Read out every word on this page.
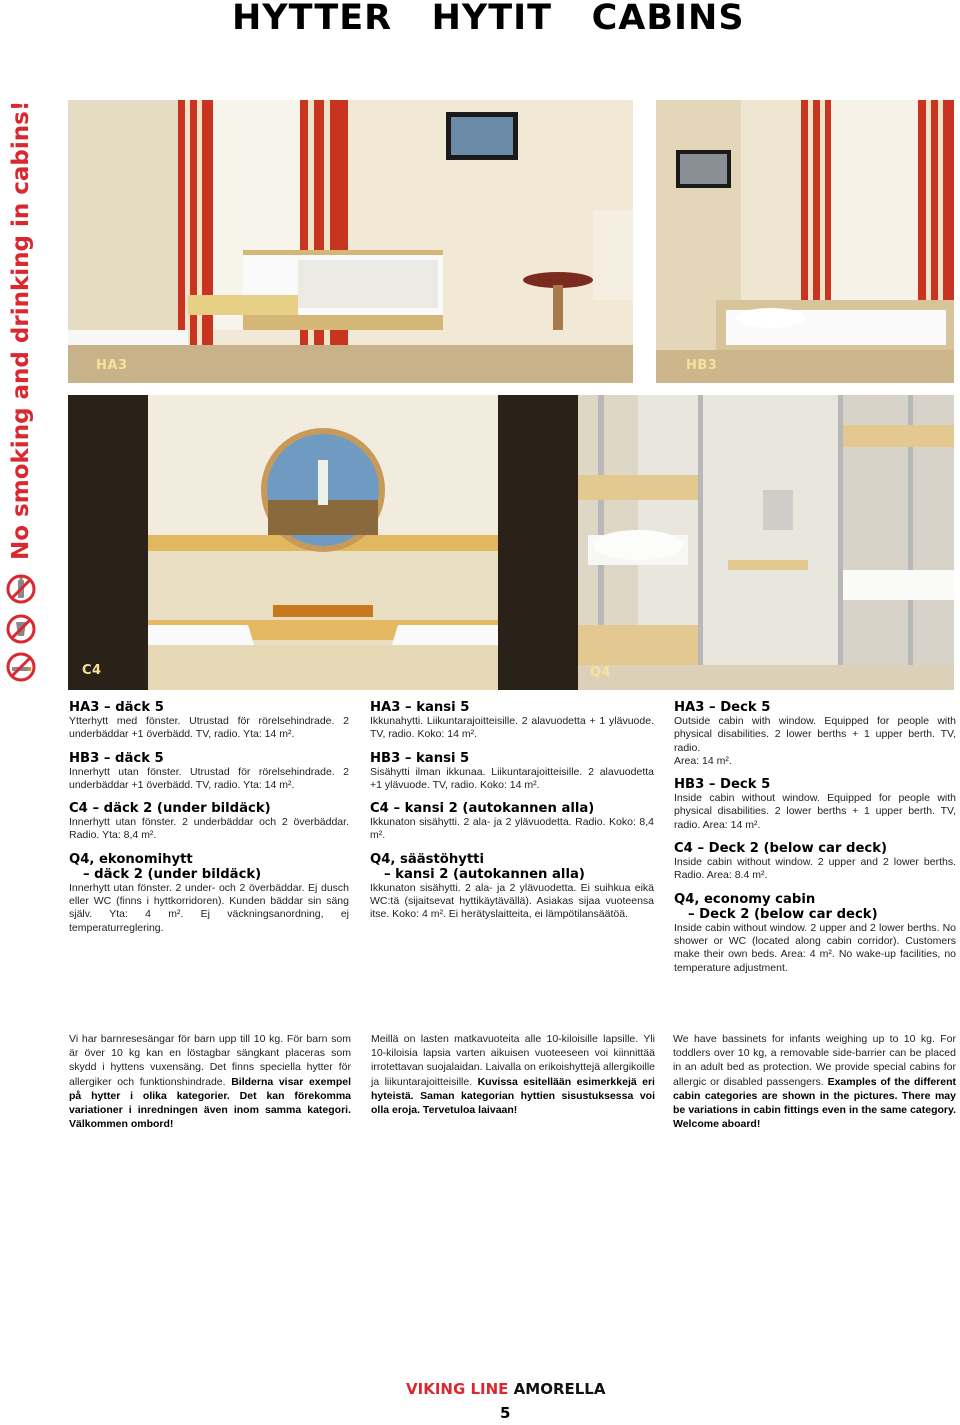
HYTTER   HYTIT   CABINS
No smoking and drinking in cabins!	HA3	HB3
C4	Q4
HA3 – däck 5

Ytterhytt med fönster. Utrustad för rörelsehindrade. 2 underbäddar +1 överbädd. TV, radio. Yta: 14 m².

HB3 – däck 5

Innerhytt utan fönster. Utrustad för rörelsehindrade. 2 underbäddar +1 överbädd. TV, radio. Yta: 14 m².

C4 – däck 2 (under bildäck)

Innerhytt utan fönster. 2 underbäddar och 2 överbäddar. Radio. Yta: 8,4 m².

Q4, ekonomihytt
– däck 2 (under bildäck)

Innerhytt utan fönster. 2 under- och 2 överbäddar. Ej dusch eller WC (finns i hyttkorridoren). Kunden bäddar sin säng själv. Yta: 4 m². Ej väckningsanordning, ej temperaturreglering.

HA3 – kansi 5

Ikkunahytti. Liikuntarajoitteisille. 2 alavuodetta + 1 ylävuode. TV, radio. Koko: 14 m².

HB3 – kansi 5

Sisähytti ilman ikkunaa. Liikuntarajoitteisille. 2 alavuodetta +1 ylävuode. TV, radio. Koko: 14 m².

C4 – kansi 2 (autokannen alla)

Ikkunaton sisähytti. 2 ala- ja 2 ylävuodetta. Radio. Koko: 8,4 m².

Q4, säästöhytti
– kansi 2 (autokannen alla)

Ikkunaton sisähytti. 2 ala- ja 2 ylävuodetta. Ei suihkua eikä WC:tä (sijaitsevat hyttikäytävällä). Asiakas sijaa vuoteensa itse. Koko: 4 m². Ei herätyslaitteita, ei lämpötilansäätöä.

HA3 – Deck 5

Outside cabin with window. Equipped for people with physical disabilities. 2 lower berths + 1 upper berth. TV, radio.

Area: 14 m².

HB3 – Deck 5

Inside cabin without window. Equipped for people with physical disabilities. 2 lower berths + 1 upper berth. TV, radio. Area: 14 m².

C4 – Deck 2 (below car deck)

Inside cabin without window. 2 upper and 2 lower berths. Radio. Area: 8.4 m².

Q4, economy cabin
– Deck 2 (below car deck)

Inside cabin without window. 2 upper and 2 lower berths. No shower or WC (located along cabin corridor). Customers make their own beds. Area: 4 m². No wake-up facilities, no temperature adjustment.

Vi har barnresesängar för barn upp till 10 kg. För barn som är över 10 kg kan en löstagbar sängkant placeras som skydd i hyttens vuxensäng. Det finns speciella hytter för allergiker och funktionshindrade. Bilderna visar exempel på hytter i olika kategorier. Det kan förekomma variationer i inredningen även inom samma kategori. Välkommen ombord!

Meillä on lasten matkavuoteita alle 10-kiloisille lapsille. Yli 10-kiloisia lapsia varten aikuisen vuoteeseen voi kiinnittää irrotettavan suojalaidan. Laivalla on erikoishyttejä allergikoille ja liikuntarajoitteisille. Kuvissa esitellään esimerkkejä eri hyteistä. Saman kategorian hyttien sisustuksessa voi olla eroja. Tervetuloa laivaan!

We have bassinets for infants weighing up to 10 kg. For toddlers over 10 kg, a removable side-barrier can be placed in an adult bed as protection. We provide special cabins for allergic or disabled passengers. Examples of the different cabin categories are shown in the pictures. There may be variations in cabin fittings even in the same category. Welcome aboard!

VIKING LINE AMORELLA
5
